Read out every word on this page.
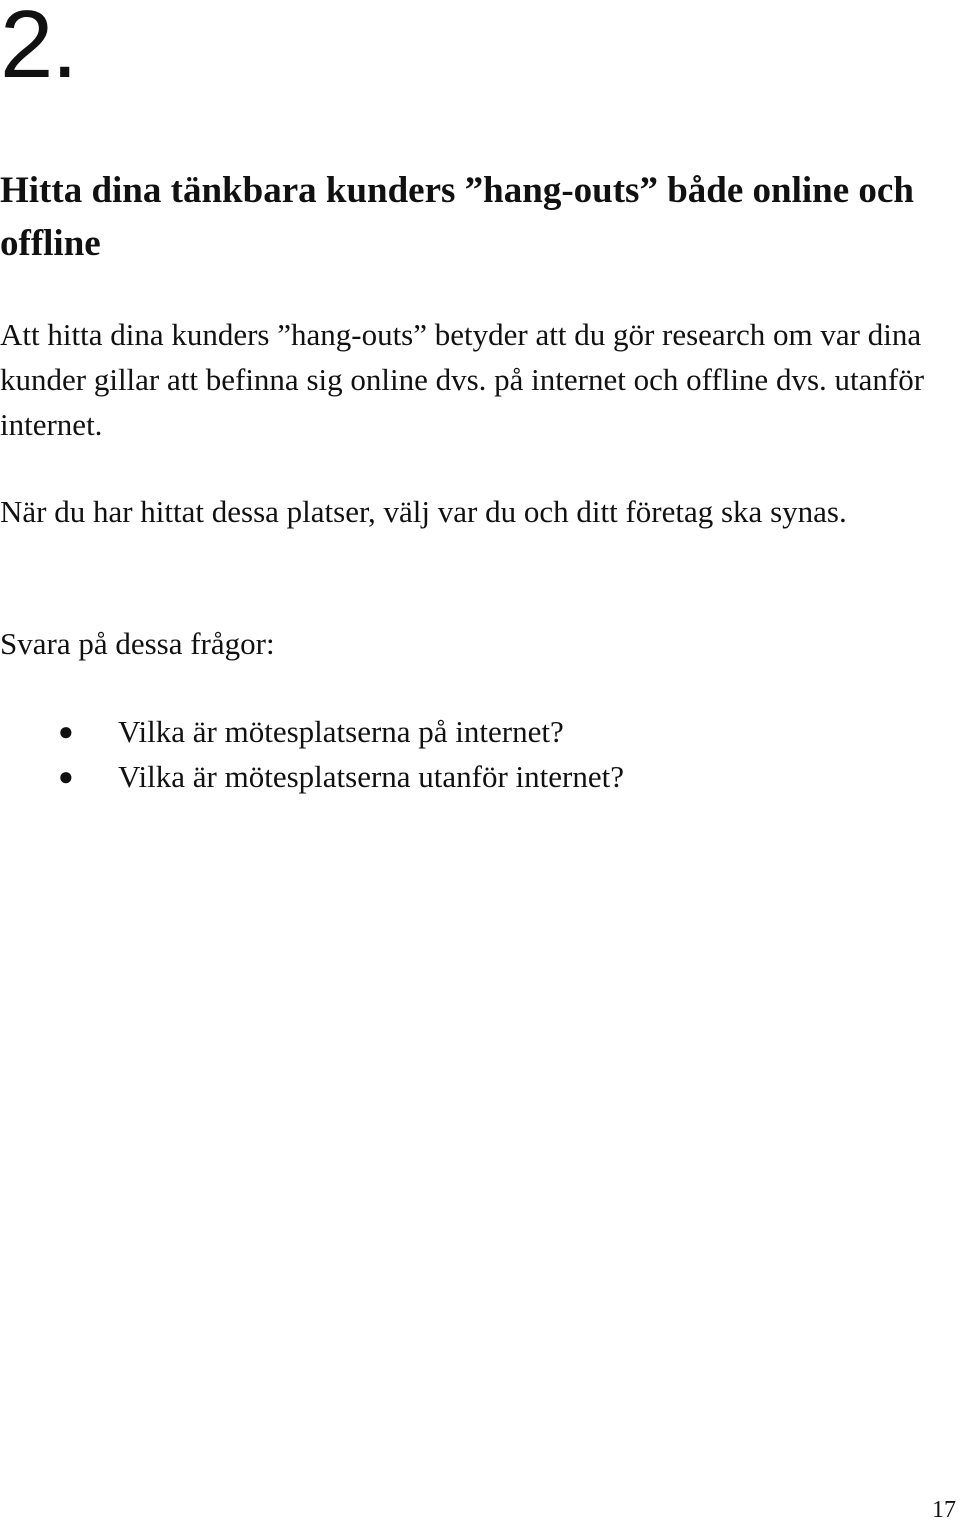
2.
Hitta dina tänkbara kunders ”hang-outs” både online och offline

Att hitta dina kunders ”hang-outs” betyder att du gör research om var dina kunder gillar att befinna sig online dvs. på internet och offline dvs. utanför internet.

När du har hittat dessa platser, välj var du och ditt företag ska synas.

Svara på dessa frågor:

● Vilka är mötesplatserna på internet?
● Vilka är mötesplatserna utanför internet?
17
